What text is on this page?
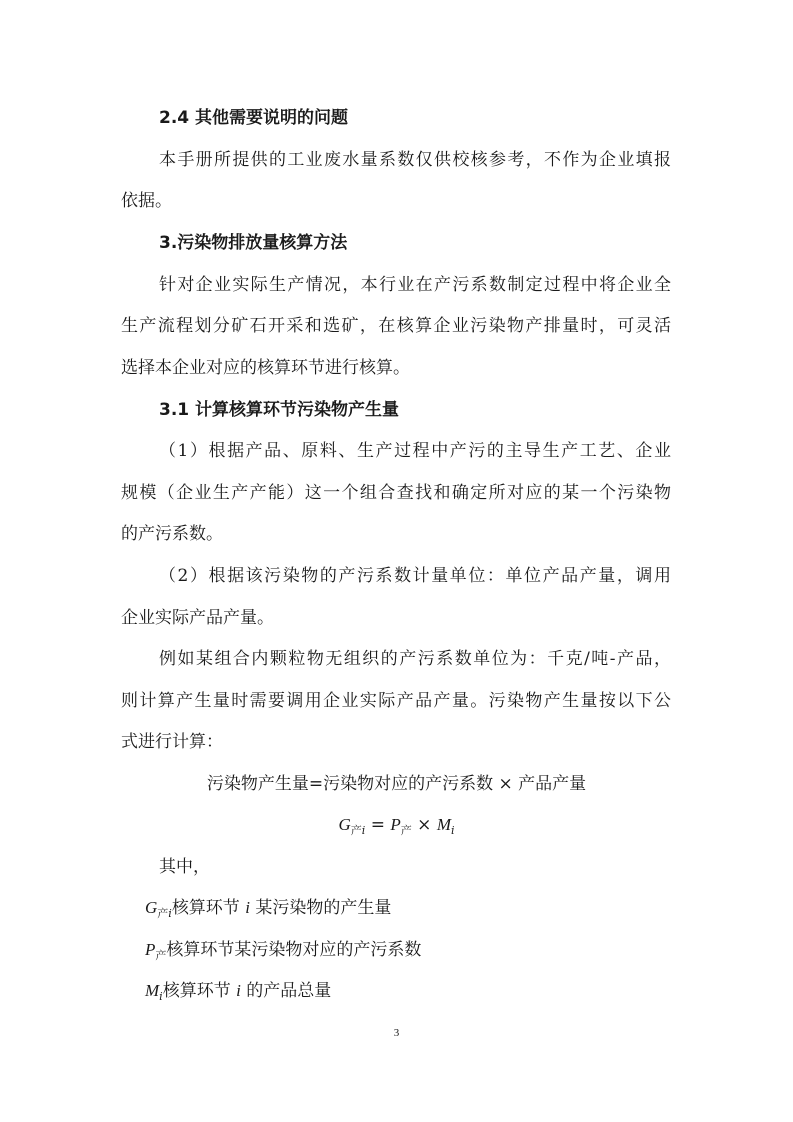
2.4 其他需要说明的问题
本手册所提供的工业废水量系数仅供校核参考，不作为企业填报
依据。
3.污染物排放量核算方法
针对企业实际生产情况，本行业在产污系数制定过程中将企业全
生产流程划分矿石开采和选矿，在核算企业污染物产排量时，可灵活
选择本企业对应的核算环节进行核算。
3.1 计算核算环节污染物产生量
（1）根据产品、原料、生产过程中产污的主导生产工艺、企业
规模（企业生产产能）这一个组合查找和确定所对应的某一个污染物
的产污系数。
（2）根据该污染物的产污系数计量单位：单位产品产量，调用
企业实际产品产量。
例如某组合内颗粒物无组织的产污系数单位为：千克/吨-产品，
则计算产生量时需要调用企业实际产品产量。污染物产生量按以下公
式进行计算：
污染物产生量=污染物对应的产污系数 × 产品产量
$G_{产i} = P_产 \times M_i$
其中，
$G_{产i}$核算环节 i 某污染物的产生量
$P_产$核算环节某污染物对应的产污系数
$M_i$核算环节 i 的产品总量
3
